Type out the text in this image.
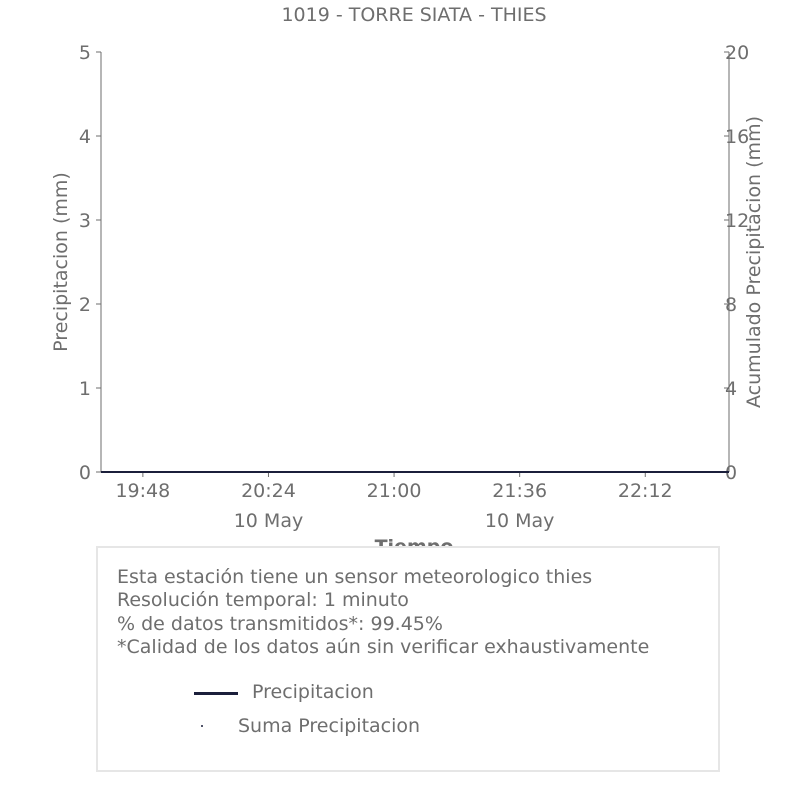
1019 - TORRE SIATA - THIES
0
1
2
3
4
5
0
4
8
12
16
20
19:48	20:24
10 May
21:00	21:36
10 May
22:12
Precipitacion (mm)	Acumulado Precipitacion (mm)
Esta estación tiene un sensor meteorologico thies
Resolución temporal: 1 minuto
% de datos transmitidos*: 99.45%
*Calidad de los datos aún sin verificar exhaustivamente
Precipitacion
Suma Precipitacion
